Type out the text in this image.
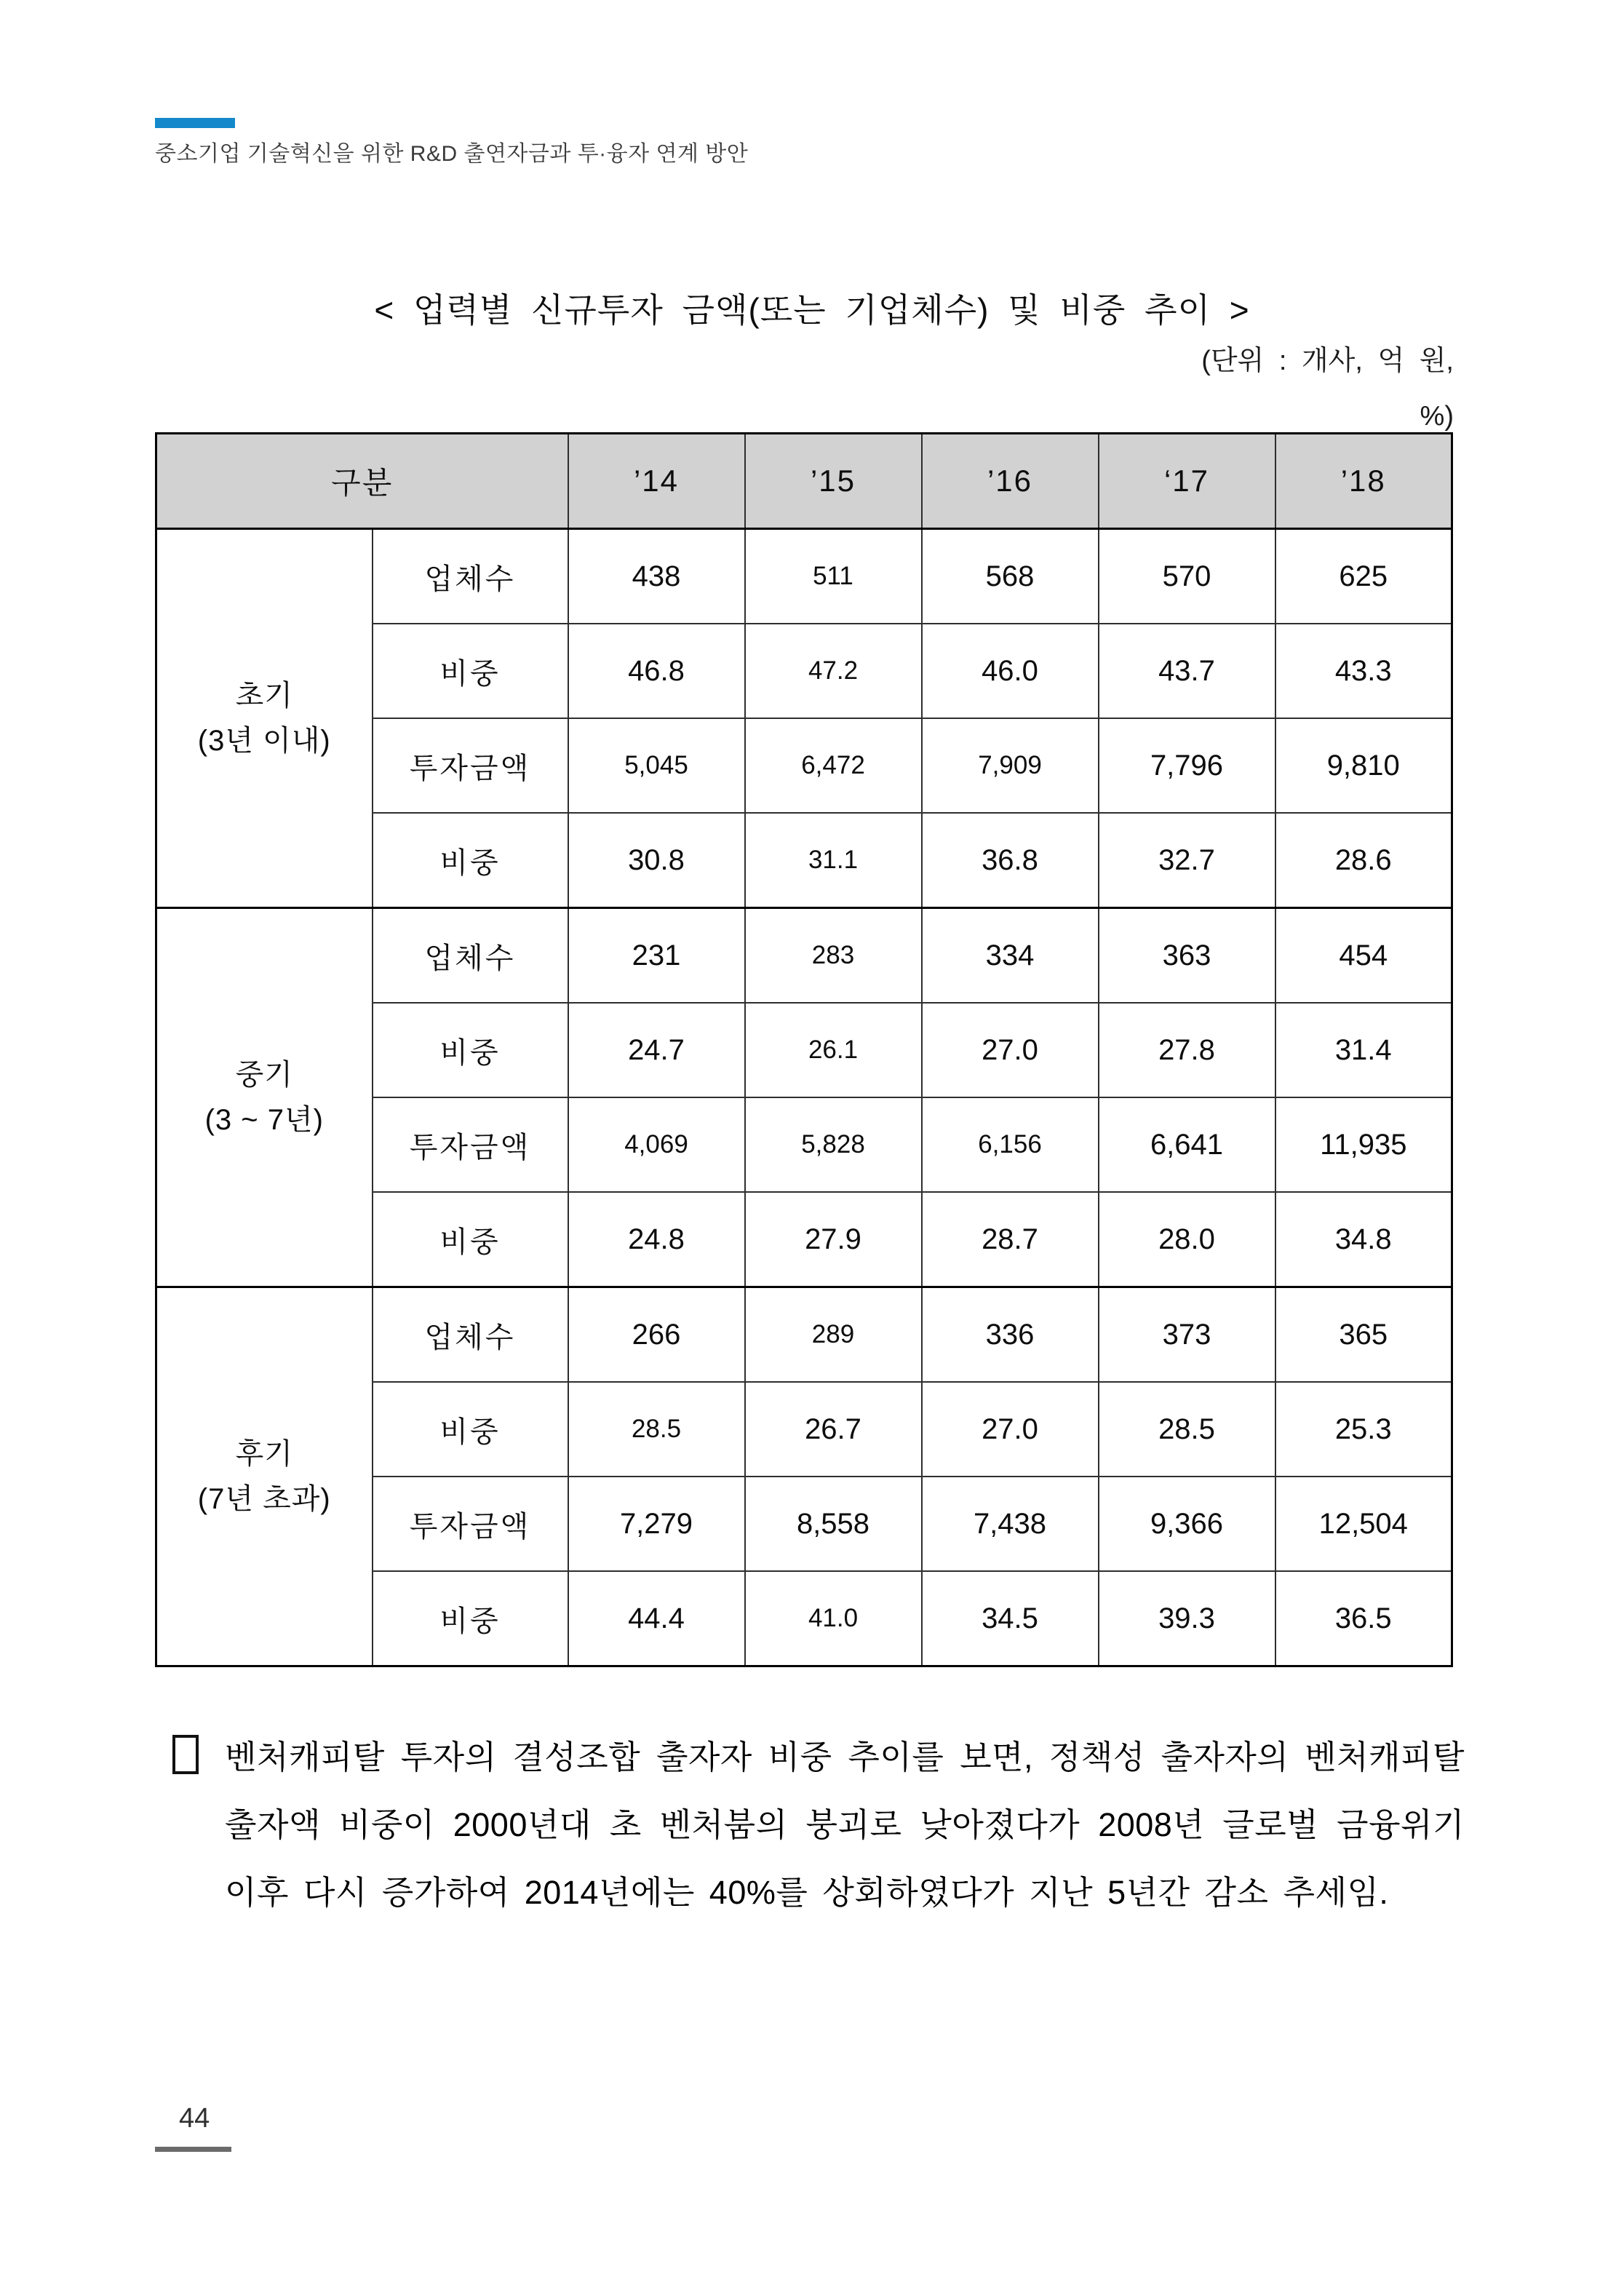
중소기업 기술혁신을 위한 R&D 출연자금과 투·융자 연계 방안
< 업력별 신규투자 금액(또는 기업체수) 및 비중 추이 >
(단위 : 개사, 억 원,
%)
구분		’14	’15	’16	‘17	’18

초기
(3년 이내)	업체수	438	511	568	570	625
	비중	46.8	47.2	46.0	43.7	43.3
	투자금액	5,045	6,472	7,909	7,796	9,810
	비중	30.8	31.1	36.8	32.7	28.6

중기
(3 ~ 7년)	업체수	231	283	334	363	454
	비중	24.7	26.1	27.0	27.8	31.4
	투자금액	4,069	5,828	6,156	6,641	11,935
	비중	24.8	27.9	28.7	28.0	34.8

후기
(7년 초과)	업체수	266	289	336	373	365
	비중	28.5	26.7	27.0	28.5	25.3
	투자금액	7,279	8,558	7,438	9,366	12,504
	비중	44.4	41.0	34.5	39.3	36.5
벤처캐피탈 투자의 결성조합 출자자 비중 추이를 보면, 정책성 출자자의 벤처캐피탈 출자액 비중이 2000년대 초 벤처붐의 붕괴로 낮아졌다가 2008년 글로벌 금융위기 이후 다시 증가하여 2014년에는 40%를 상회하였다가 지난 5년간 감소 추세임.
44
